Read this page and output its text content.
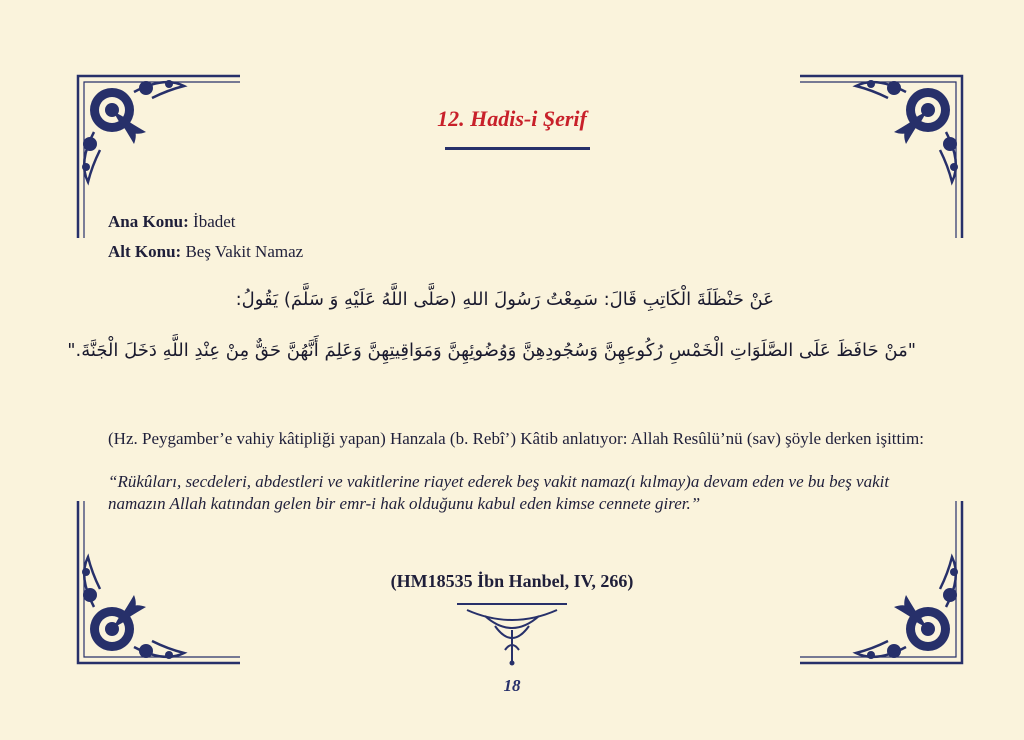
12. Hadis-i Şerif
Ana Konu: İbadet
Alt Konu: Beş Vakit Namaz
عَنْ حَنْظَلَةَ الْكَاتِبِ قَالَ: سَمِعْتُ رَسُولَ اللهِ (صَلَّى اللَّهُ عَلَيْهِ وَ سَلَّمَ) يَقُولُ:
"مَنْ حَافَظَ عَلَى الصَّلَوَاتِ الْخَمْسِ رُكُوعِهِنَّ وَسُجُودِهِنَّ وَوُضُوئِهِنَّ وَمَوَاقِيتِهِنَّ وَعَلِمَ أَنَّهُنَّ حَقٌّ مِنْ عِنْدِ اللَّهِ دَخَلَ الْجَنَّةَ."
(Hz. Peygamber’e vahiy kâtipliği yapan) Hanzala (b. Rebî’) Kâtib anlatıyor: Allah Resûlü’nü (sav) şöyle derken işittim:
“Rükûları, secdeleri, abdestleri ve vakitlerine riayet ederek beş vakit namaz(ı kılmay)a devam eden ve bu beş vakit namazın Allah katından gelen bir emr-i hak olduğunu kabul eden kimse cennete girer.”
(HM18535 İbn Hanbel, IV, 266)
18
